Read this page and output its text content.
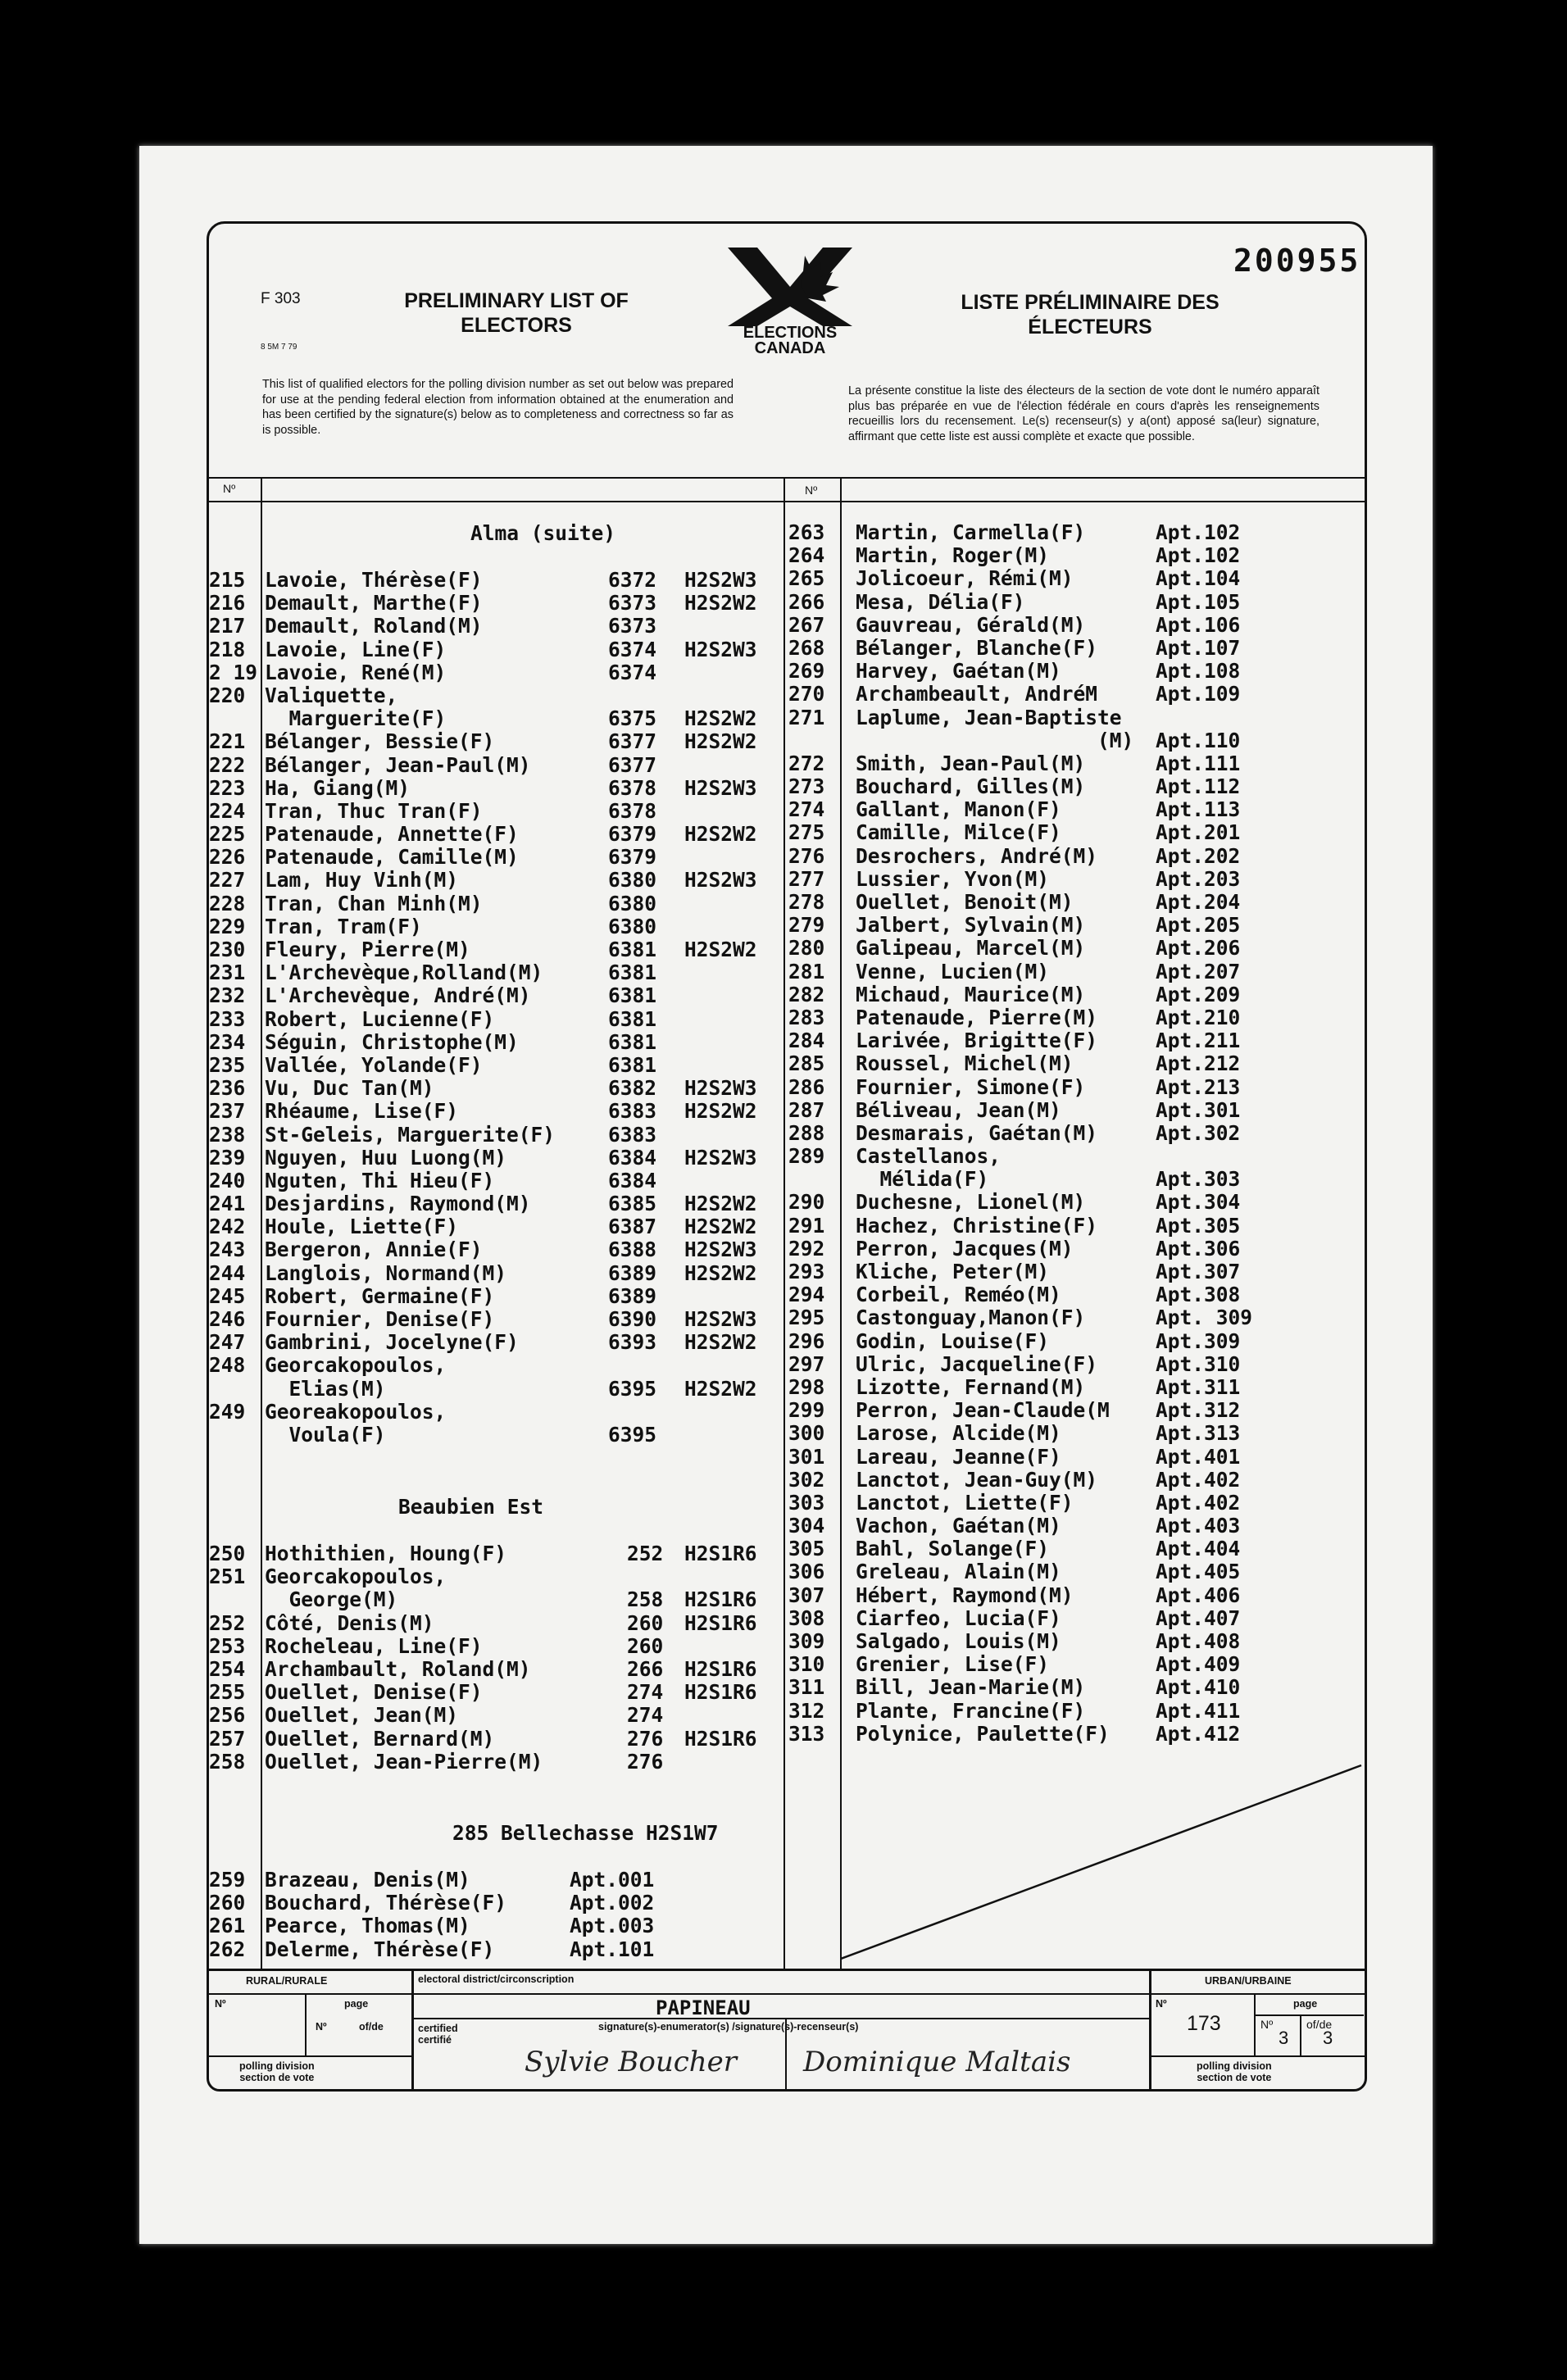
200955
F 303
8 5M 7 79
PRELIMINARY LIST OF
ELECTORS
LISTE PRÉLIMINAIRE DES
ÉLECTEURS
ELECTIONS
CANADA
This list of qualified electors for the polling division number as set out below was prepared for use at the pending federal election from information obtained at the enumeration and has been certified by the signature(s) below as to completeness and correctness so far as is possible.
La présente constitue la liste des électeurs de la section de vote dont le numéro apparaît plus bas préparée en vue de l'élection fédérale en cours d'après les renseignements recueillis lors du recensement. Le(s) recenseur(s) y a(ont) apposé sa(leur) signature, affirmant que cette liste est aussi complète et exacte que possible.
Nº	Nº
Alma (suite)
215 Lavoie, Thérèse(F)	6372 H2S2W3
216 Demault, Marthe(F)	6373 H2S2W2
217 Demault, Roland(M)	6373
218 Lavoie, Line(F)	6374 H2S2W3
2 19 Lavoie, René(M)	6374
220 Valiquette,
Marguerite(F)	6375 H2S2W2
221 Bélanger, Bessie(F)	6377 H2S2W2
222 Bélanger, Jean-Paul(M)	6377
223 Ha, Giang(M)	6378 H2S2W3
224 Tran, Thuc Tran(F)	6378
225 Patenaude, Annette(F)	6379 H2S2W2
226 Patenaude, Camille(M)	6379
227 Lam, Huy Vinh(M)	6380 H2S2W3
228 Tran, Chan Minh(M)	6380
229 Tran, Tram(F)	6380
230 Fleury, Pierre(M)	6381 H2S2W2
231 L'Archevèque,Rolland(M)	6381
232 L'Archevèque, André(M)	6381
233 Robert, Lucienne(F)	6381
234 Séguin, Christophe(M)	6381
235 Vallée, Yolande(F)	6381
236 Vu, Duc Tan(M)	6382 H2S2W3
237 Rhéaume, Lise(F)	6383 H2S2W2
238 St-Geleis, Marguerite(F)	6383
239 Nguyen, Huu Luong(M)	6384 H2S2W3
240 Nguten, Thi Hieu(F)	6384
241 Desjardins, Raymond(M)	6385 H2S2W2
242 Houle, Liette(F)	6387 H2S2W2
243 Bergeron, Annie(F)	6388 H2S2W3
244 Langlois, Normand(M)	6389 H2S2W2
245 Robert, Germaine(F)	6389
246 Fournier, Denise(F)	6390 H2S2W3
247 Gambrini, Jocelyne(F)	6393 H2S2W2
248 Georcakopoulos,
Elias(M)	6395 H2S2W2
249 Georeakopoulos,
Voula(F)	6395
Beaubien Est
250 Hothithien, Houng(F)	252 H2S1R6
251 Georcakopoulos,
George(M)	258 H2S1R6
252 Côté, Denis(M)	260 H2S1R6
253 Rocheleau, Line(F)	260
254 Archambault, Roland(M)	266 H2S1R6
255 Ouellet, Denise(F)	274 H2S1R6
256 Ouellet, Jean(M)	274
257 Ouellet, Bernard(M)	276 H2S1R6
258 Ouellet, Jean-Pierre(M)	276
285 Bellechasse H2S1W7
259 Brazeau, Denis(M)	Apt.001
260 Bouchard, Thérèse(F)	Apt.002
261 Pearce, Thomas(M)	Apt.003
262 Delerme, Thérèse(F)	Apt.101
263 Martin, Carmella(F)	Apt.102
264 Martin, Roger(M)	Apt.102
265 Jolicoeur, Rémi(M)	Apt.104
266 Mesa, Délia(F)	Apt.105
267 Gauvreau, Gérald(M)	Apt.106
268 Bélanger, Blanche(F)	Apt.107
269 Harvey, Gaétan(M)	Apt.108
270 Archambeault, AndréM	Apt.109
271 Laplume, Jean-Baptiste
(M) Apt.110
272 Smith, Jean-Paul(M)	Apt.111
273 Bouchard, Gilles(M)	Apt.112
274 Gallant, Manon(F)	Apt.113
275 Camille, Milce(F)	Apt.201
276 Desrochers, André(M)	Apt.202
277 Lussier, Yvon(M)	Apt.203
278 Ouellet, Benoit(M)	Apt.204
279 Jalbert, Sylvain(M)	Apt.205
280 Galipeau, Marcel(M)	Apt.206
281 Venne, Lucien(M)	Apt.207
282 Michaud, Maurice(M)	Apt.209
283 Patenaude, Pierre(M)	Apt.210
284 Larivée, Brigitte(F)	Apt.211
285 Roussel, Michel(M)	Apt.212
286 Fournier, Simone(F)	Apt.213
287 Béliveau, Jean(M)	Apt.301
288 Desmarais, Gaétan(M)	Apt.302
289 Castellanos,
Mélida(F)	Apt.303
290 Duchesne, Lionel(M)	Apt.304
291 Hachez, Christine(F)	Apt.305
292 Perron, Jacques(M)	Apt.306
293 Kliche, Peter(M)	Apt.307
294 Corbeil, Reméo(M)	Apt.308
295 Castonguay,Manon(F)	Apt. 309
296 Godin, Louise(F)	Apt.309
297 Ulric, Jacqueline(F)	Apt.310
298 Lizotte, Fernand(M)	Apt.311
299 Perron, Jean-Claude(M Apt.312
300 Larose, Alcide(M)	Apt.313
301 Lareau, Jeanne(F)	Apt.401
302 Lanctot, Jean-Guy(M)	Apt.402
303 Lanctot, Liette(F)	Apt.402
304 Vachon, Gaétan(M)	Apt.403
305 Bahl, Solange(F)	Apt.404
306 Greleau, Alain(M)	Apt.405
307 Hébert, Raymond(M)	Apt.406
308 Ciarfeo, Lucia(F)	Apt.407
309 Salgado, Louis(M)	Apt.408
310 Grenier, Lise(F)	Apt.409
311 Bill, Jean-Marie(M)	Apt.410
312 Plante, Francine(F)	Apt.411
313 Polynice, Paulette(F) Apt.412
RURAL/RURALE
Nº	page
Nº	of/de
polling division
section de vote
electoral district/circonscription
PAPINEAU
certified
certifié
signature(s)-enumerator(s) /signature(s)-recenseur(s)
Sylvie Boucher Dominique Maltais
URBAN/URBAINE
Nº
173
page
Nº
3
of/de
3
polling division
section de vote
